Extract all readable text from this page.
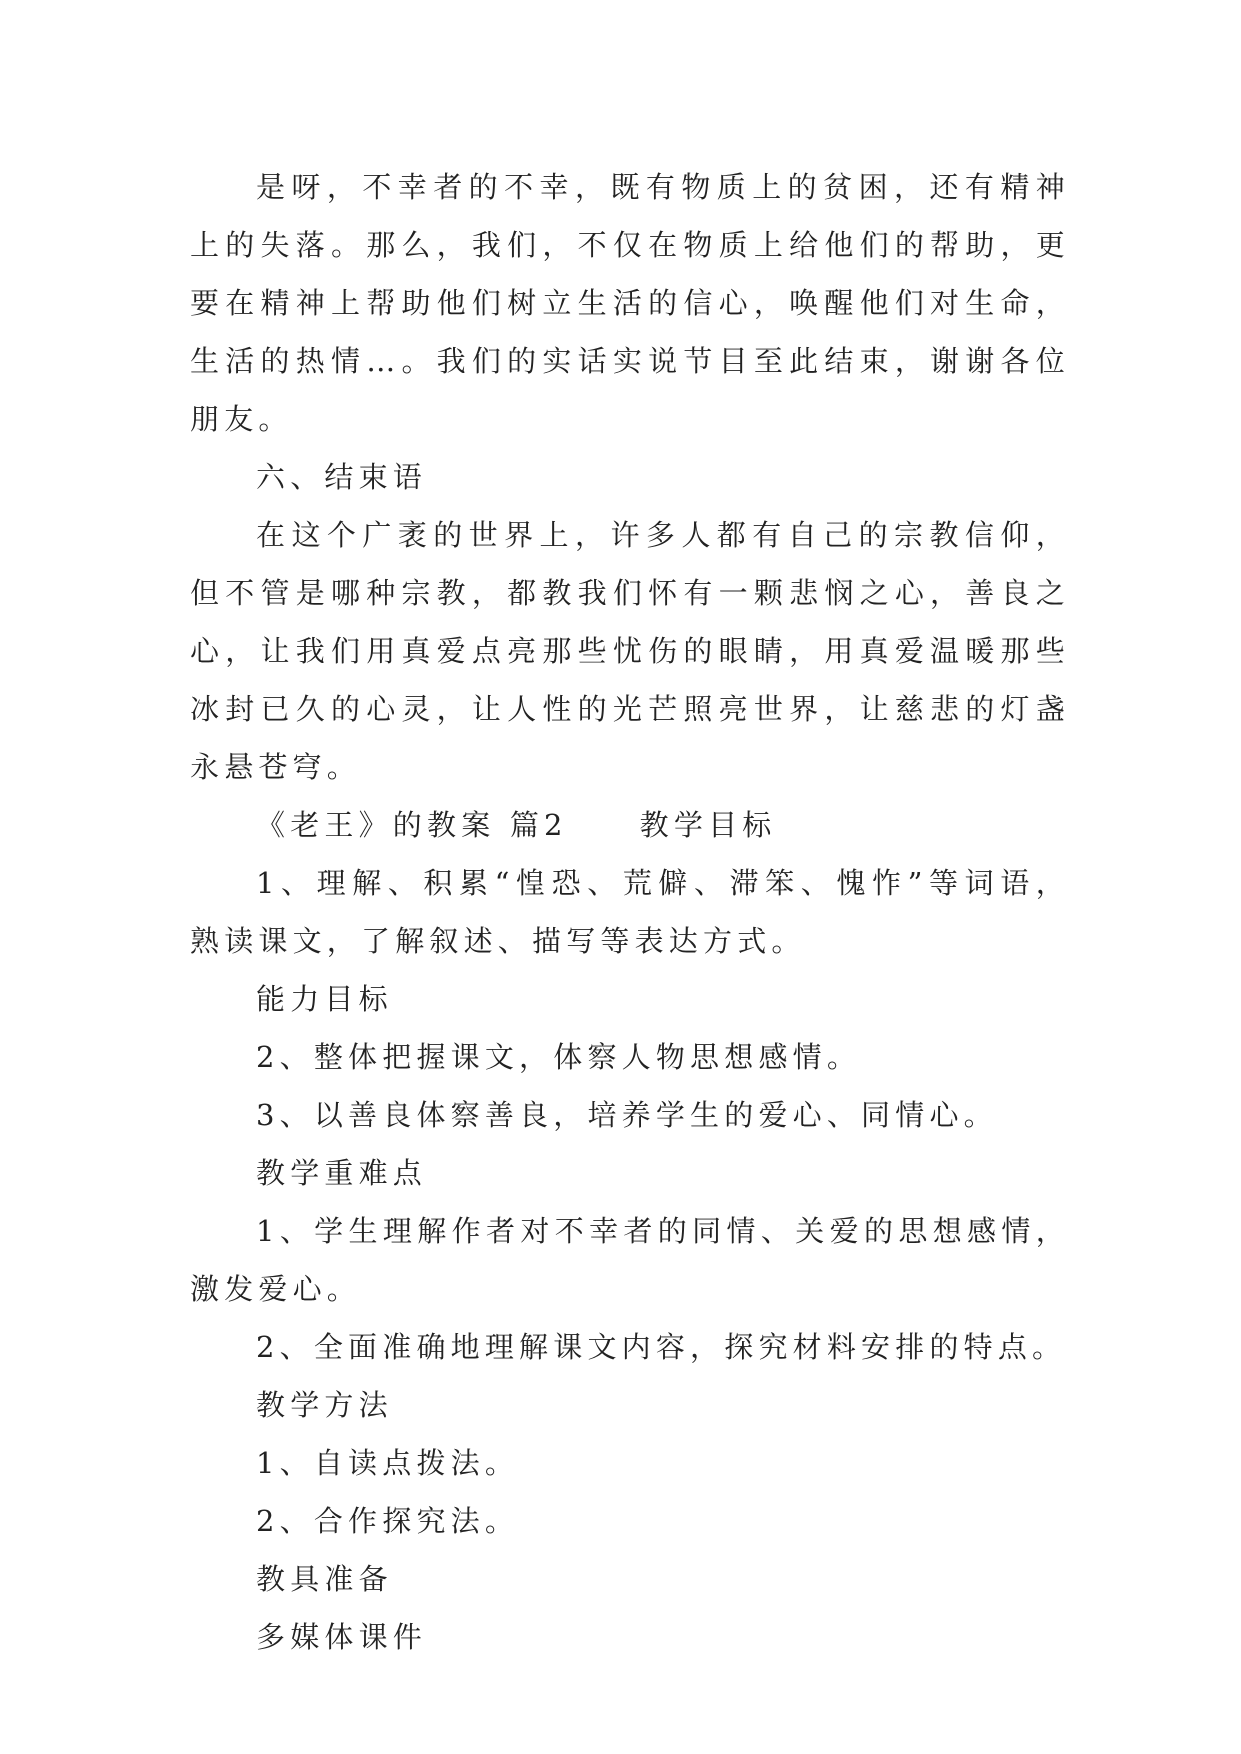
是呀，不幸者的不幸，既有物质上的贫困，还有精神上的失落。那么，我们，不仅在物质上给他们的帮助，更要在精神上帮助他们树立生活的信心，唤醒他们对生命，生活的热情…。我们的实话实说节目至此结束，谢谢各位朋友。

六、结束语

在这个广袤的世界上，许多人都有自己的宗教信仰，但不管是哪种宗教，都教我们怀有一颗悲悯之心，善良之心，让我们用真爱点亮那些忧伤的眼睛，用真爱温暖那些冰封已久的心灵，让人性的光芒照亮世界，让慈悲的灯盏永悬苍穹。

《老王》的教案 篇2 教学目标

1、理解、积累“惶恐、荒僻、滞笨、愧怍”等词语，熟读课文，了解叙述、描写等表达方式。

能力目标

2、整体把握课文，体察人物思想感情。

3、以善良体察善良，培养学生的爱心、同情心。

教学重难点

1、学生理解作者对不幸者的同情、关爱的思想感情，激发爱心。

2、全面准确地理解课文内容，探究材料安排的特点。

教学方法

1、自读点拨法。

2、合作探究法。

教具准备

多媒体课件
